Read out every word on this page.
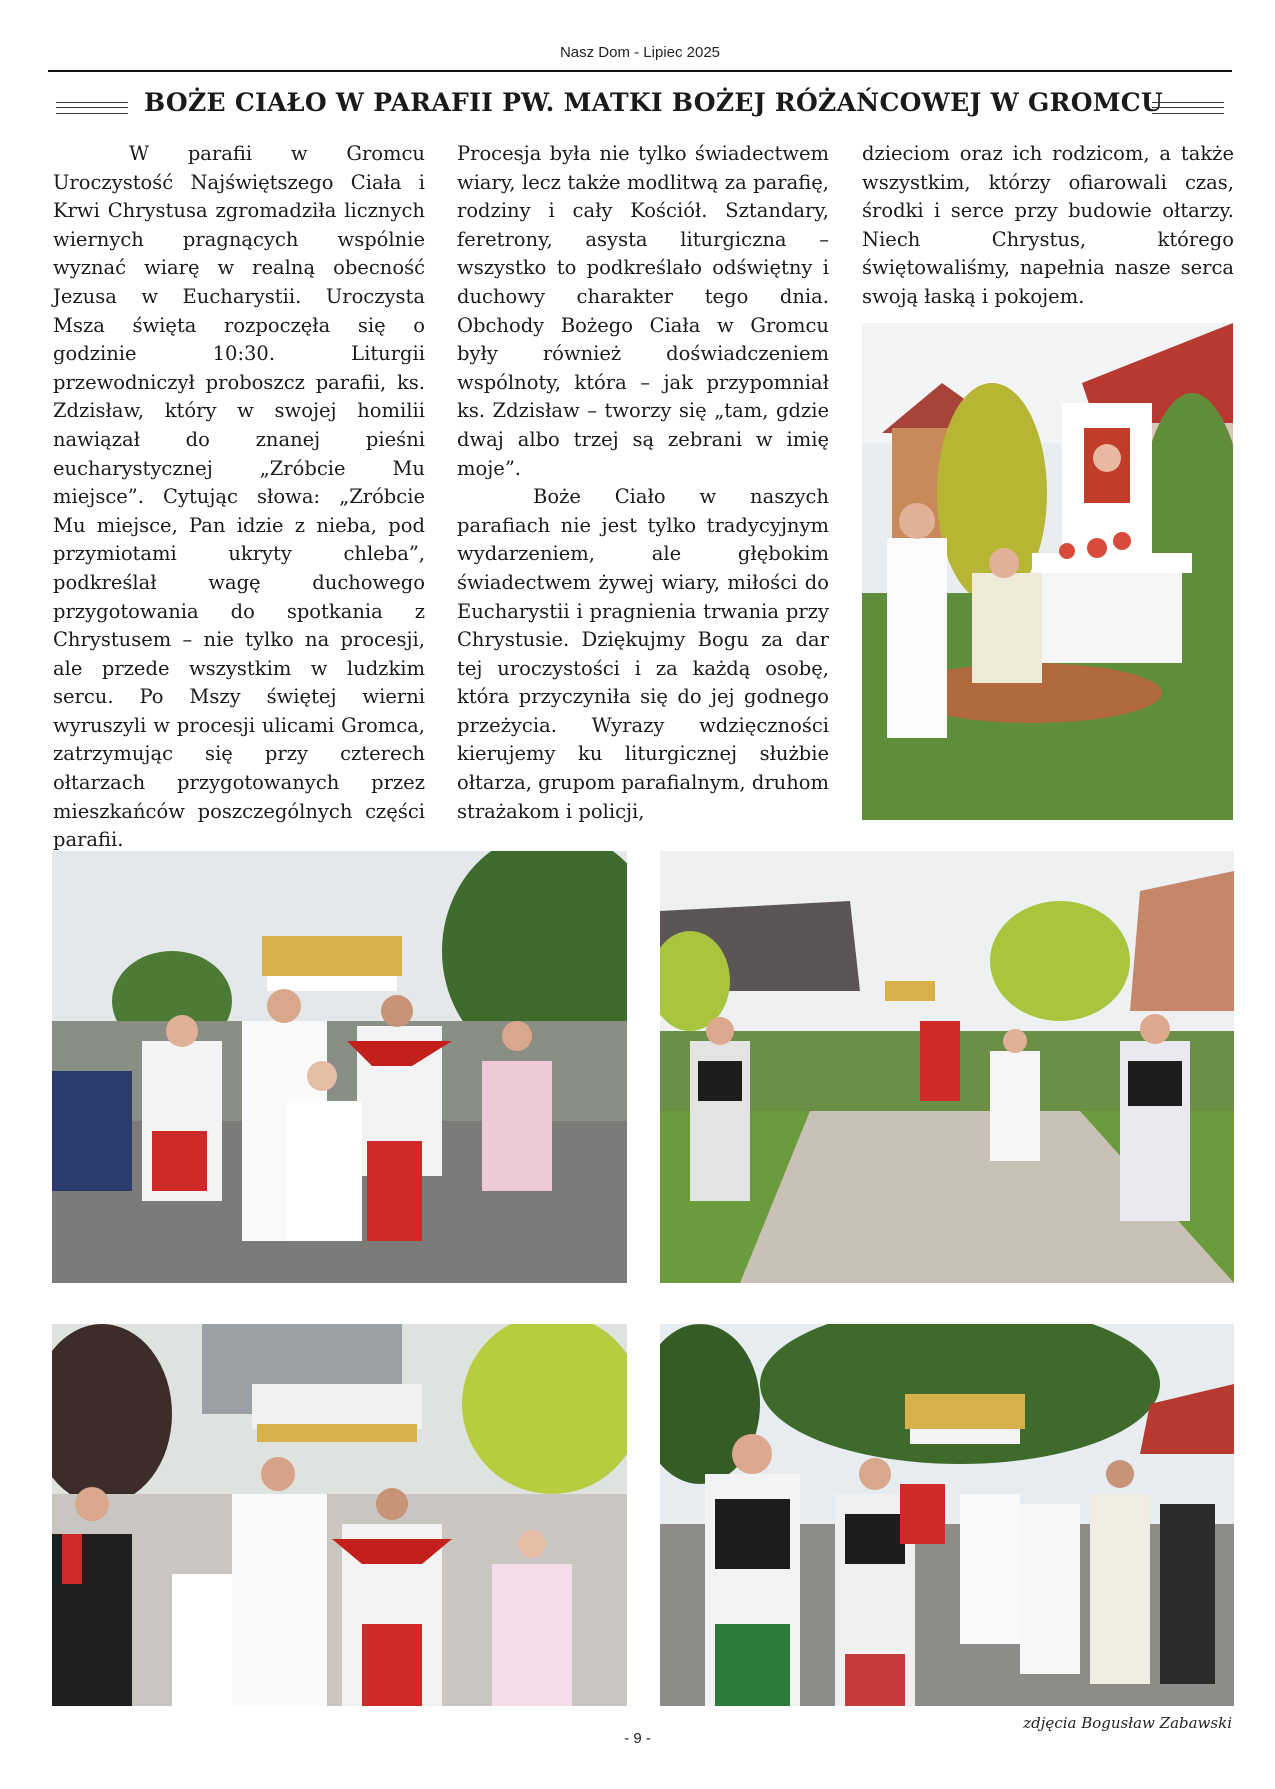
Nasz Dom - Lipiec 2025
BOŻE CIAŁO W PARAFII PW. MATKI BOŻEJ RÓŻAŃCOWEJ W GROMCU

W parafii w Gromcu Uroczystość Najświętszego Ciała i Krwi Chrystusa zgromadziła licznych wiernych pragnących wspólnie wyznać wiarę w realną obecność Jezusa w Eucharystii. Uroczysta Msza święta rozpoczęła się o godzinie 10:30. Liturgii przewodniczył proboszcz parafii, ks. Zdzisław, który w swojej homilii nawiązał do znanej pieśni eucharystycznej „Zróbcie Mu miejsce”. Cytując słowa: „Zróbcie Mu miejsce, Pan idzie z nieba, pod przymiotami ukryty chleba”, podkreślał wagę duchowego przygotowania do spotkania z Chrystusem – nie tylko na procesji, ale przede wszystkim w ludzkim sercu. Po Mszy świętej wierni wyruszyli w procesji ulicami Gromca, zatrzymując się przy czterech ołtarzach przygotowanych przez mieszkańców poszczególnych części parafii.

Procesja była nie tylko świadectwem wiary, lecz także modlitwą za parafię, rodziny i cały Kościół. Sztandary, feretrony, asysta liturgiczna – wszystko to podkreślało odświętny i duchowy charakter tego dnia. Obchody Bożego Ciała w Gromcu były również doświadczeniem wspólnoty, która – jak przypomniał ks. Zdzisław – tworzy się „tam, gdzie dwaj albo trzej są zebrani w imię moje”.

Boże Ciało w naszych parafiach nie jest tylko tradycyjnym wydarzeniem, ale głębokim świadectwem żywej wiary, miłości do Eucharystii i pragnienia trwania przy Chrystusie. Dziękujmy Bogu za dar tej uroczystości i za każdą osobę, która przyczyniła się do jej godnego przeżycia. Wyrazy wdzięczności kierujemy ku liturgicznej służbie ołtarza, grupom parafialnym, druhom strażakom i policji,

dzieciom oraz ich rodzicom, a także wszystkim, którzy ofiarowali czas, środki i serce przy budowie ołtarzy. Niech Chrystus, którego świętowaliśmy, napełnia nasze serca swoją łaską i pokojem.

zdjęcia Bogusław Zabawski
- 9 -
